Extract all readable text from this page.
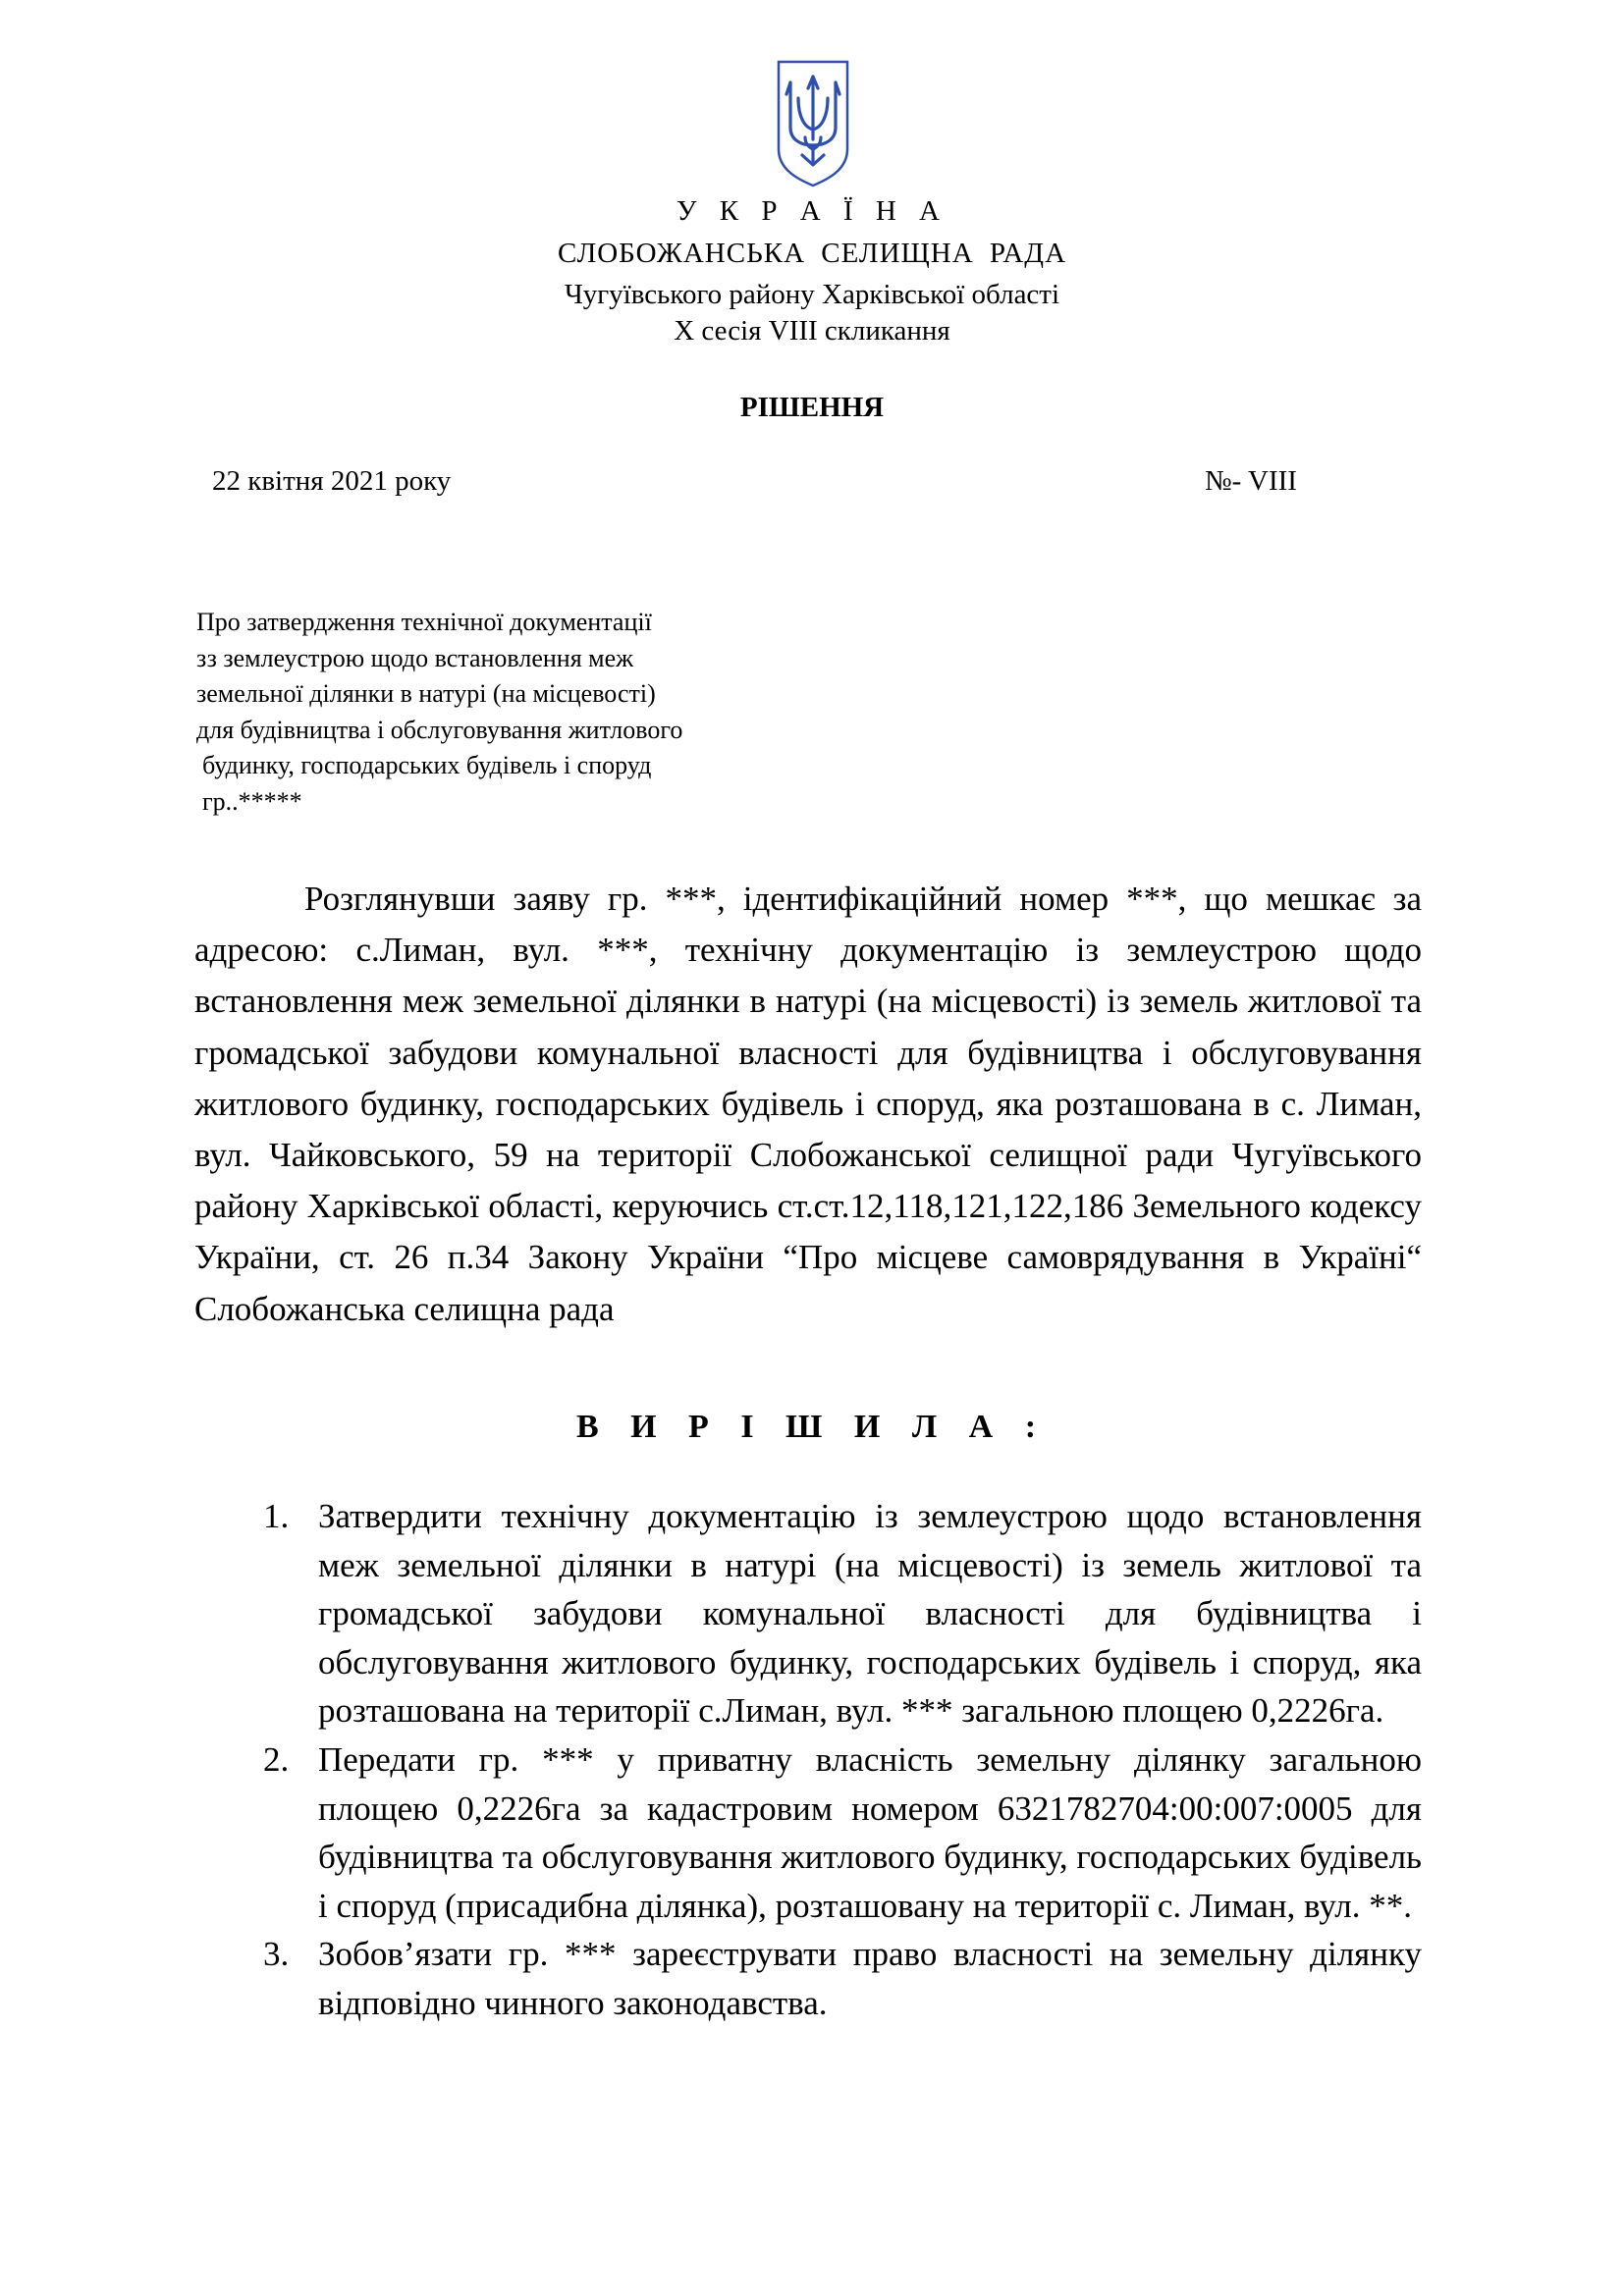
У К Р А Ї Н А
СЛОБОЖАНСЬКА СЕЛИЩНА РАДА
Чугуївського району Харківської області
Х сесія VІІІ скликання
РІШЕННЯ
22 квітня 2021 року	№- VIII
Про затвердження технічної документації
зз землеустрою щодо встановлення меж
земельної ділянки в натурі (на місцевості)
для будівництва і обслуговування житлового
будинку, господарських будівель і споруд
гр..*****

Розглянувши заяву гр. ***, ідентифікаційний номер ***, що мешкає за адресою: с.Лиман, вул. ***, технічну документацію із землеустрою щодо встановлення меж земельної ділянки в натурі (на місцевості) із земель житлової та громадської забудови комунальної власності для будівництва і обслуговування житлового будинку, господарських будівель і споруд, яка розташована в с. Лиман, вул. Чайковського, 59 на території Слобожанської селищної ради Чугуївського району Харківської області, керуючись ст.ст.12,118,121,122,186 Земельного кодексу України, ст. 26 п.34 Закону України “Про місцеве самоврядування в Україні“ Слобожанська селищна рада

В И Р І Ш И Л А :
1. Затвердити технічну документацію із землеустрою щодо встановлення меж земельної ділянки в натурі (на місцевості) із земель житлової та громадської забудови комунальної власності для будівництва і обслуговування житлового будинку, господарських будівель і споруд, яка розташована на території с.Лиман, вул. *** загальною площею 0,2226га.
2. Передати гр. *** у приватну власність земельну ділянку загальною площею 0,2226га за кадастровим номером 6321782704:00:007:0005 для будівництва та обслуговування житлового будинку, господарських будівель і споруд (присадибна ділянка), розташовану на території с. Лиман, вул. **.
3. Зобов’язати гр. *** зареєструвати право власності на земельну ділянку відповідно чинного законодавства.
